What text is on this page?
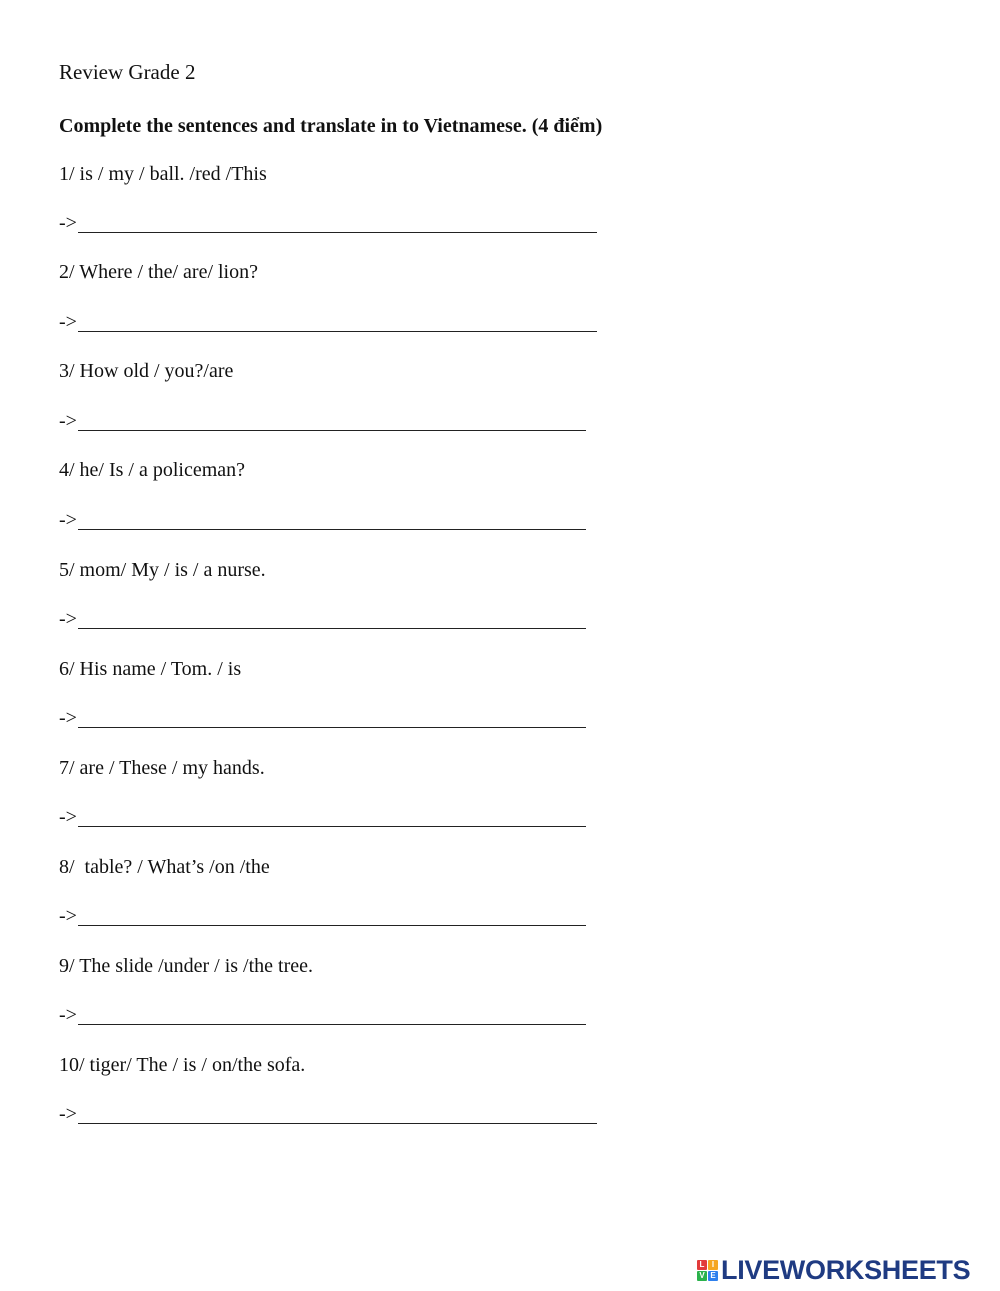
Review Grade 2
Complete the sentences and translate in to Vietnamese. (4 điểm)
1/ is / my / ball. /red /This
->
2/ Where / the/ are/ lion?
->
3/ How old / you?/are
->
4/ he/ Is / a policeman?
->
5/ mom/ My / is / a nurse.
->
6/ His name / Tom. / is
->
7/ are / These / my hands.
->
8/  table? / What’s /on /the
->
9/ The slide /under / is /the tree.
->
10/ tiger/ The / is / on/the sofa.
->
L I
V E LIVEWORKSHEETS
